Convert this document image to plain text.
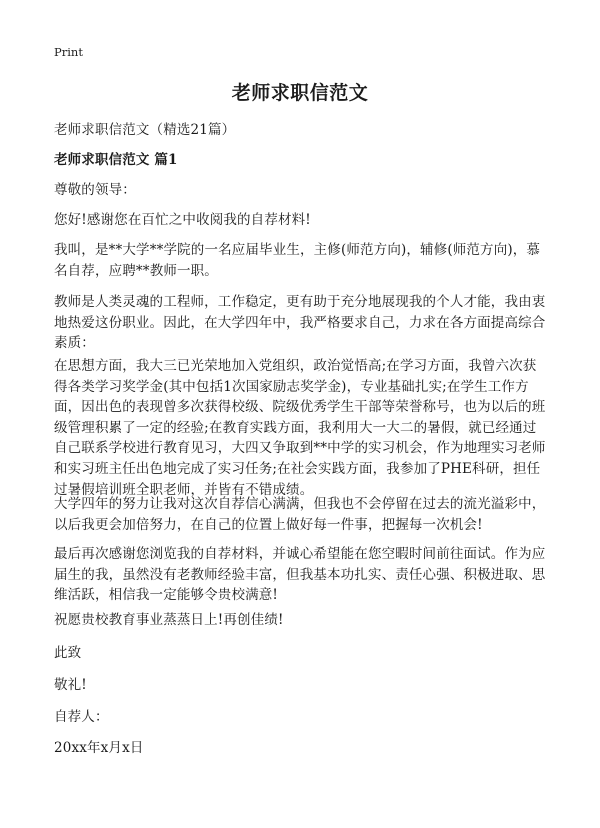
Print
老师求职信范文

老师求职信范文（精选21篇）

老师求职信范文 篇1

尊敬的领导：

您好!感谢您在百忙之中收阅我的自荐材料!

我叫，是**大学**学院的一名应届毕业生，主修(师范方向)，辅修(师范方向)，慕名自荐，应聘**教师一职。

教师是人类灵魂的工程师，工作稳定，更有助于充分地展现我的个人才能，我由衷地热爱这份职业。因此，在大学四年中，我严格要求自己，力求在各方面提高综合素质：

在思想方面，我大三已光荣地加入党组织，政治觉悟高;在学习方面，我曾六次获得各类学习奖学金(其中包括1次国家励志奖学金)，专业基础扎实;在学生工作方面，因出色的表现曾多次获得校级、院级优秀学生干部等荣誉称号，也为以后的班级管理积累了一定的经验;在教育实践方面，我利用大一大二的暑假，就已经通过自己联系学校进行教育见习，大四又争取到**中学的实习机会，作为地理实习老师和实习班主任出色地完成了实习任务;在社会实践方面，我参加了PHE科研，担任过暑假培训班全职老师，并皆有不错成绩。

大学四年的努力让我对这次自荐信心满满，但我也不会停留在过去的流光溢彩中，以后我更会加倍努力，在自己的位置上做好每一件事，把握每一次机会!

最后再次感谢您浏览我的自荐材料，并诚心希望能在您空暇时间前往面试。作为应届生的我，虽然没有老教师经验丰富，但我基本功扎实、责任心强、积极进取、思维活跃，相信我一定能够令贵校满意!

祝愿贵校教育事业蒸蒸日上!再创佳绩!

此致

敬礼!

自荐人：

20xx年x月x日
